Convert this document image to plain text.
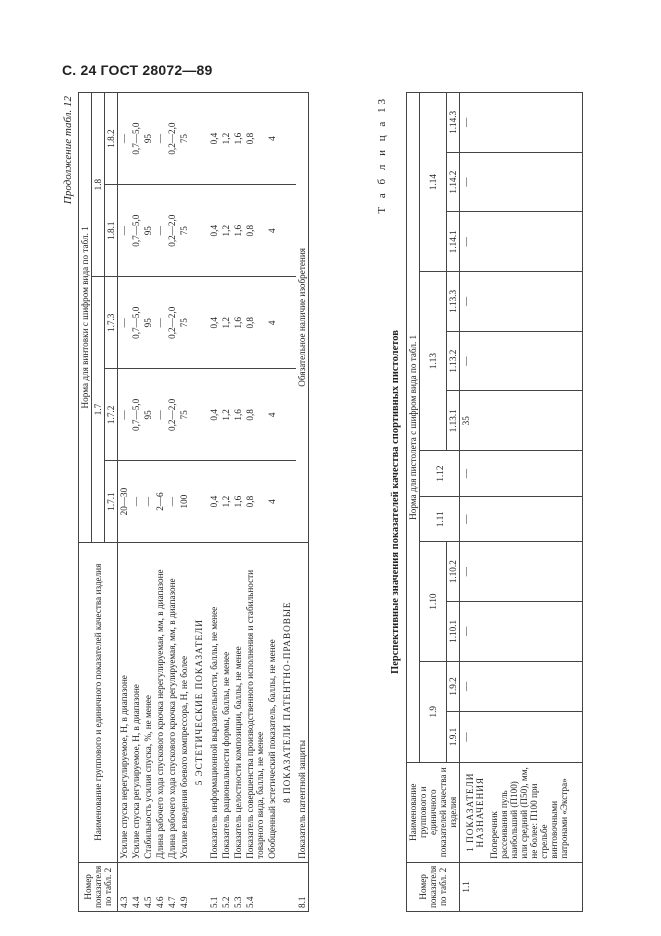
С. 24 ГОСТ 28072—89
Продолжение табл. 12
Номер показателя по табл. 2	Наименование группового и единичного показателей качества изделия	Норма для винтовки с шифром вида по табл. 1				
		1.7			1.8	
		1.7.1	1.7.2	1.7.3	1.8.1	1.8.2
4.3	Усилие спуска нерегулируемое, Н, в диапазоне	20—30	—	—	—	—
4.4	Усилие спуска регулируемое, Н, в диапазоне	—	0,7—5,0	0,7—5,0	0,7—5,0	0,7—5,0
4.5	Стабильность усилия спуска, %, не менее	—	95	95	95	95
4.6	Длина рабочего хода спускового крючка нерегулируемая, мм, в диапазоне	2—6	—	—	—	—
4.7	Длина рабочего хода спускового крючка регулируемая, мм, в диапазоне	—	0,2—2,0	0,2—2,0	0,2—2,0	0,2—2,0
4.9	Усилие взведения боевого компрессора, Н, не более	100	75	75	75	75
	5 ЭСТЕТИЧЕСКИЕ ПОКАЗАТЕЛИ					
5.1	Показатель информационной выразительности, баллы, не менее	0,4	0,4	0,4	0,4	0,4
5.2	Показатель рациональности формы, баллы, не менее	1,2	1,2	1,2	1,2	1,2
5.3	Показатель целостности композиции, баллы, не менее	1,6	1,6	1,6	1,6	1,6
5.4	Показатель совершенства производственного исполнения и стабильности товарного вида, баллы, не менее	0,8	0,8	0,8	0,8	0,8
	Обобщенный эстетический показатель, баллы, не менее	4	4	4	4	4
	8 ПОКАЗАТЕЛИ ПАТЕНТНО-ПРАВОВЫЕ					
8.1	Показатель патентной защиты	Обязательное наличие изобретения				
Т а б л и ц а 13
Перспективные значения показателей качества спортивных пистолетов
Номер показателя по табл. 2	Наименование группового и единичного показателей качества и изделия	Норма для пистолета с шифром вида по табл. 1											
		1.9		1.10		1.11	1.12	1.13			1.14		
		1.9.1	1.9.2	1.10.1	1.10.2			1.13.1	1.13.2	1.13.3	1.14.1	1.14.2	1.14.3
1.1	1 ПОКАЗАТЕЛИ НАЗНАЧЕНИЯ Поперечник рассеивания пуль наибольший (П100) или средний (П50), мм, не более: П100 при стрельбе винтовочными патронами «Экстра»	—	—	—	—	—	—	35	—	—	—	—	—
